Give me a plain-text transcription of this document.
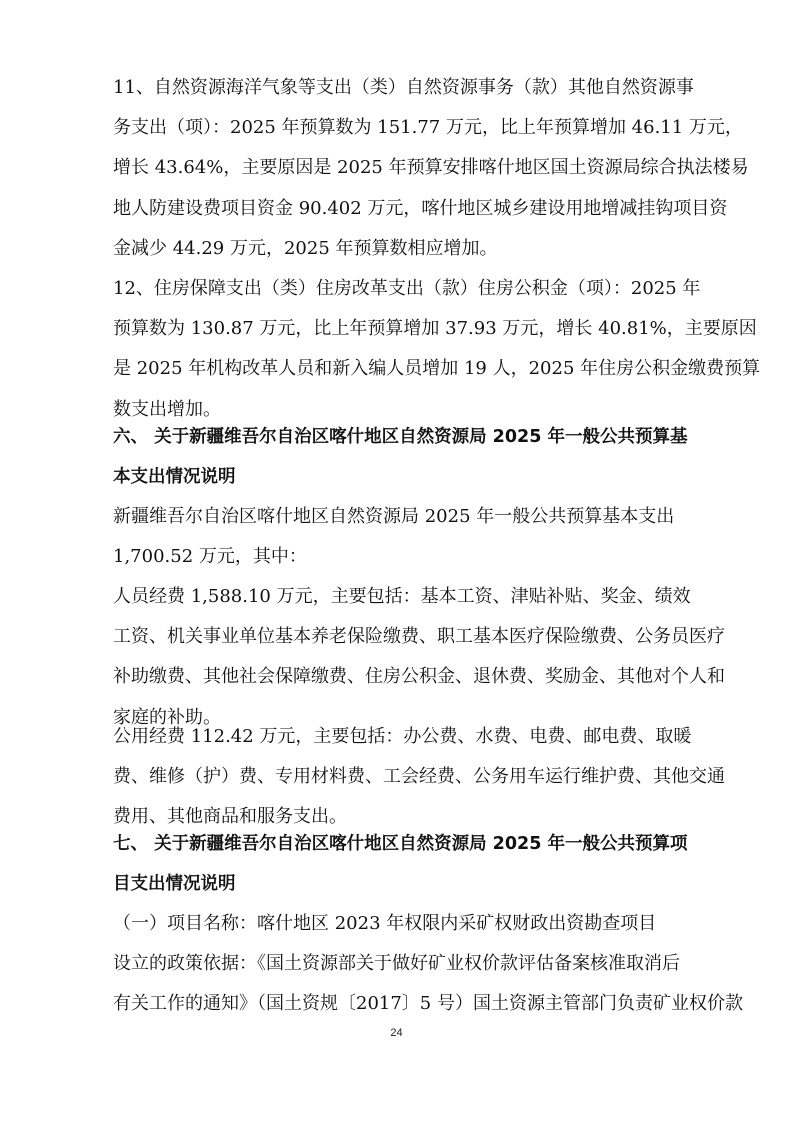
11、自然资源海洋气象等支出（类）自然资源事务（款）其他自然资源事
务支出（项）：2025 年预算数为 151.77 万元，比上年预算增加 46.11 万元，
增长 43.64%，主要原因是 2025 年预算安排喀什地区国土资源局综合执法楼易
地人防建设费项目资金 90.402 万元，喀什地区城乡建设用地增减挂钩项目资
金减少 44.29 万元，2025 年预算数相应增加。
12、住房保障支出（类）住房改革支出（款）住房公积金（项）：2025 年
预算数为 130.87 万元，比上年预算增加 37.93 万元，增长 40.81%，主要原因
是 2025 年机构改革人员和新入编人员增加 19 人，2025 年住房公积金缴费预算
数支出增加。
六、 关于新疆维吾尔自治区喀什地区自然资源局 2025 年一般公共预算基
本支出情况说明
新疆维吾尔自治区喀什地区自然资源局 2025 年一般公共预算基本支出
1,700.52 万元，其中：
人员经费 1,588.10 万元，主要包括：基本工资、津贴补贴、奖金、绩效
工资、机关事业单位基本养老保险缴费、职工基本医疗保险缴费、公务员医疗
补助缴费、其他社会保障缴费、住房公积金、退休费、奖励金、其他对个人和
家庭的补助。
公用经费 112.42 万元，主要包括：办公费、水费、电费、邮电费、取暖
费、维修（护）费、专用材料费、工会经费、公务用车运行维护费、其他交通
费用、其他商品和服务支出。
七、 关于新疆维吾尔自治区喀什地区自然资源局 2025 年一般公共预算项
目支出情况说明
（一）项目名称：喀什地区 2023 年权限内采矿权财政出资勘查项目
设立的政策依据：《国土资源部关于做好矿业权价款评估备案核准取消后
有关工作的通知》（国土资规〔2017〕5 号）国土资源主管部门负责矿业权价款
24
